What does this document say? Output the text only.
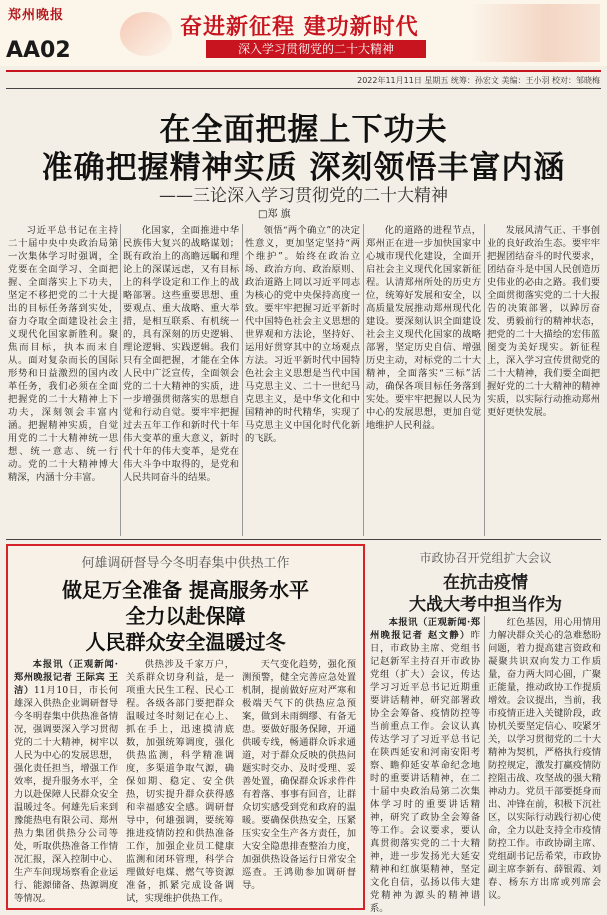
郑州晚报
AA02
奋进新征程 建功新时代
深入学习贯彻党的二十大精神
2022年11月11日 星期五 统筹：孙宏文 美编：王小羽 校对：邹晓梅
在全面把握上下功夫
准确把握精神实质 深刻领悟丰富内涵
——三论深入学习贯彻党的二十大精神
□郑 旗

习近平总书记在主持二十届中央中央政治局第一次集体学习时强调，全党要在全面学习、全面把握、全面落实上下功夫，坚定不移把党的二十大提出的目标任务落到实处，奋力夺取全面建设社会主义现代化国家新胜利。聚焦而目标，执本而末自从。面对复杂而长的国际形势和日益激烈的国内改革任务，我们必须在全面把握党的二十大精神上下功夫，深刻领会丰富内涵。把握精神实质，自觉用党的二十大精神统一思想、统一意志、统一行动。党的二十大精神博大精深，内涵十分丰富。

化国家，全面推进中华民族伟大复兴的战略谋划；既有政治上的高瞻远瞩和理论上的深谋远虑，又有目标上的科学设定和工作上的战略部署。这些重要思想、重要观点、重大战略、重大举措，是相互联系、有机统一的，具有深刻的历史逻辑、理论逻辑、实践逻辑。我们只有全面把握，才能在全体人民中广泛宣传，全面领会党的二十大精神的实质，进一步增强贯彻落实的思想自觉和行动自觉。要牢牢把握过去五年工作和新时代十年伟大变革的重大意义，新时代十年的伟大变革，是党在伟大斗争中取得的，是党和人民共同奋斗的结果。

领悟“两个确立”的决定性意义，更加坚定坚持“两个维护”。始终在政治立场、政治方向、政治原则、政治道路上同以习近平同志为核心的党中央保持高度一致。要牢牢把握习近平新时代中国特色社会主义思想的世界观和方法论，坚持好、运用好贯穿其中的立场观点方法。习近平新时代中国特色社会主义思想是当代中国马克思主义、二十一世纪马克思主义，是中华文化和中国精神的时代精华，实现了马克思主义中国化时代化新的飞跃。

化的道路的进程节点，郑州正在进一步加快国家中心城市现代化建设，全面开启社会主义现代化国家新征程。认清郑州所处的历史方位，统筹好发展和安全，以高质量发展推动郑州现代化建设。要深刻认识全面建设社会主义现代化国家的战略部署，坚定历史自信、增强历史主动，对标党的二十大精神，全面落实“三标”活动，确保各项目标任务落到实处。要牢牢把握以人民为中心的发展思想，更加自觉地维护人民利益。

发展风清气正、干事创业的良好政治生态。要牢牢把握团结奋斗的时代要求，团结奋斗是中国人民创造历史伟业的必由之路。我们要全面贯彻落实党的二十大报告的决策部署，以踔厉奋发、勇毅前行的精神状态，把党的二十大描绘的宏伟蓝图变为美好现实。新征程上，深入学习宣传贯彻党的二十大精神，我们要全面把握好党的二十大精神的精神实质，以实际行动推动郑州更好更快发展。

何雄调研督导今冬明春集中供热工作
做足万全准备 提高服务水平
全力以赴保障
人民群众安全温暖过冬

本报讯（正观新闻·郑州晚报记者 王际宾 王洁）11月10日，市长何雄深入供热企业调研督导今冬明春集中供热准备情况，强调要深入学习贯彻党的二十大精神，树牢以人民为中心的发展思想，强化责任担当，增强工作效率，提升服务水平，全力以赴保障人民群众安全温暖过冬。何雄先后来到豫能热电有限公司、郑州热力集团供热分公司等处，听取供热准备工作情况汇报，深入控制中心、生产车间现场察看企业运行、能源储备、热源调度等情况。

供热涉及千家万户，关系群众切身利益，是一项重大民生工程、民心工程。各级各部门要把群众温暖过冬时刻记在心上、抓在手上，迅速摸清底数，加强统筹调度，强化供热监测，科学精准调度，多渠道争取气源，确保如期、稳定、安全供热，切实提升群众获得感和幸福感安全感。调研督导中，何雄强调，要统筹推进疫情防控和供热准备工作，加强企业员工健康监测和闭环管理，科学合理做好电煤、燃气等资源准备，抓紧完成设备调试，实现维护供热工作。

天气变化趋势，强化预测预警，健全完善应急处置机制，提前做好应对严寒和极端天气下的供热应急预案，做到未雨绸缪、有备无患。要做好服务保障，开通供暖专线，畅通群众诉求通道，对于群众反映的供热问题实时交办、及时受理、妥善处置，确保群众诉求件件有着落、事事有回音，让群众切实感受到党和政府的温暖。要确保供热安全，压紧压实安全生产各方责任，加大安全隐患排查整治力度，加强供热设备运行日常安全巡查。王鸿勋参加调研督导。

市政协召开党组扩大会议
在抗击疫情
大战大考中担当作为

本报讯（正观新闻·郑州晚报记者 赵文静）昨日，市政协主席、党组书记赵新军主持召开市政协党组（扩大）会议，传达学习习近平总书记近期重要讲话精神，研究部署政协全会筹备、疫情防控等当前重点工作。会议认真传达学习了习近平总书记在陕西延安和河南安阳考察、瞻仰延安革命纪念地时的重要讲话精神，在二十届中央政治局第二次集体学习时的重要讲话精神，研究了政协全会筹备等工作。会议要求，要认真贯彻落实党的二十大精神，进一步发扬光大延安精神和红旗渠精神，坚定文化自信，弘扬以伟大建党精神为源头的精神谱系。

红色基因，用心用情用力解决群众关心的急难愁盼问题，着力提高建言资政和凝聚共识双向发力工作质量，奋力两大同心圆，广聚正能量，推动政协工作提质增效。会议提出，当前，我市疫情正进入关键阶段，政协机关要坚定信心、咬紧牙关，以学习贯彻党的二十大精神为契机，严格执行疫情防控规定，激发打赢疫情防控阻击战、攻坚战的强大精神动力。党员干部要挺身而出、冲锋在前，积极下沉社区，以实际行动践行初心使命，全力以赴支持全市疫情防控工作。市政协副主席、党组副书记岳希荣，市政协副主席李新有、薛银霞、刘春、杨东方出席或列席会议。
